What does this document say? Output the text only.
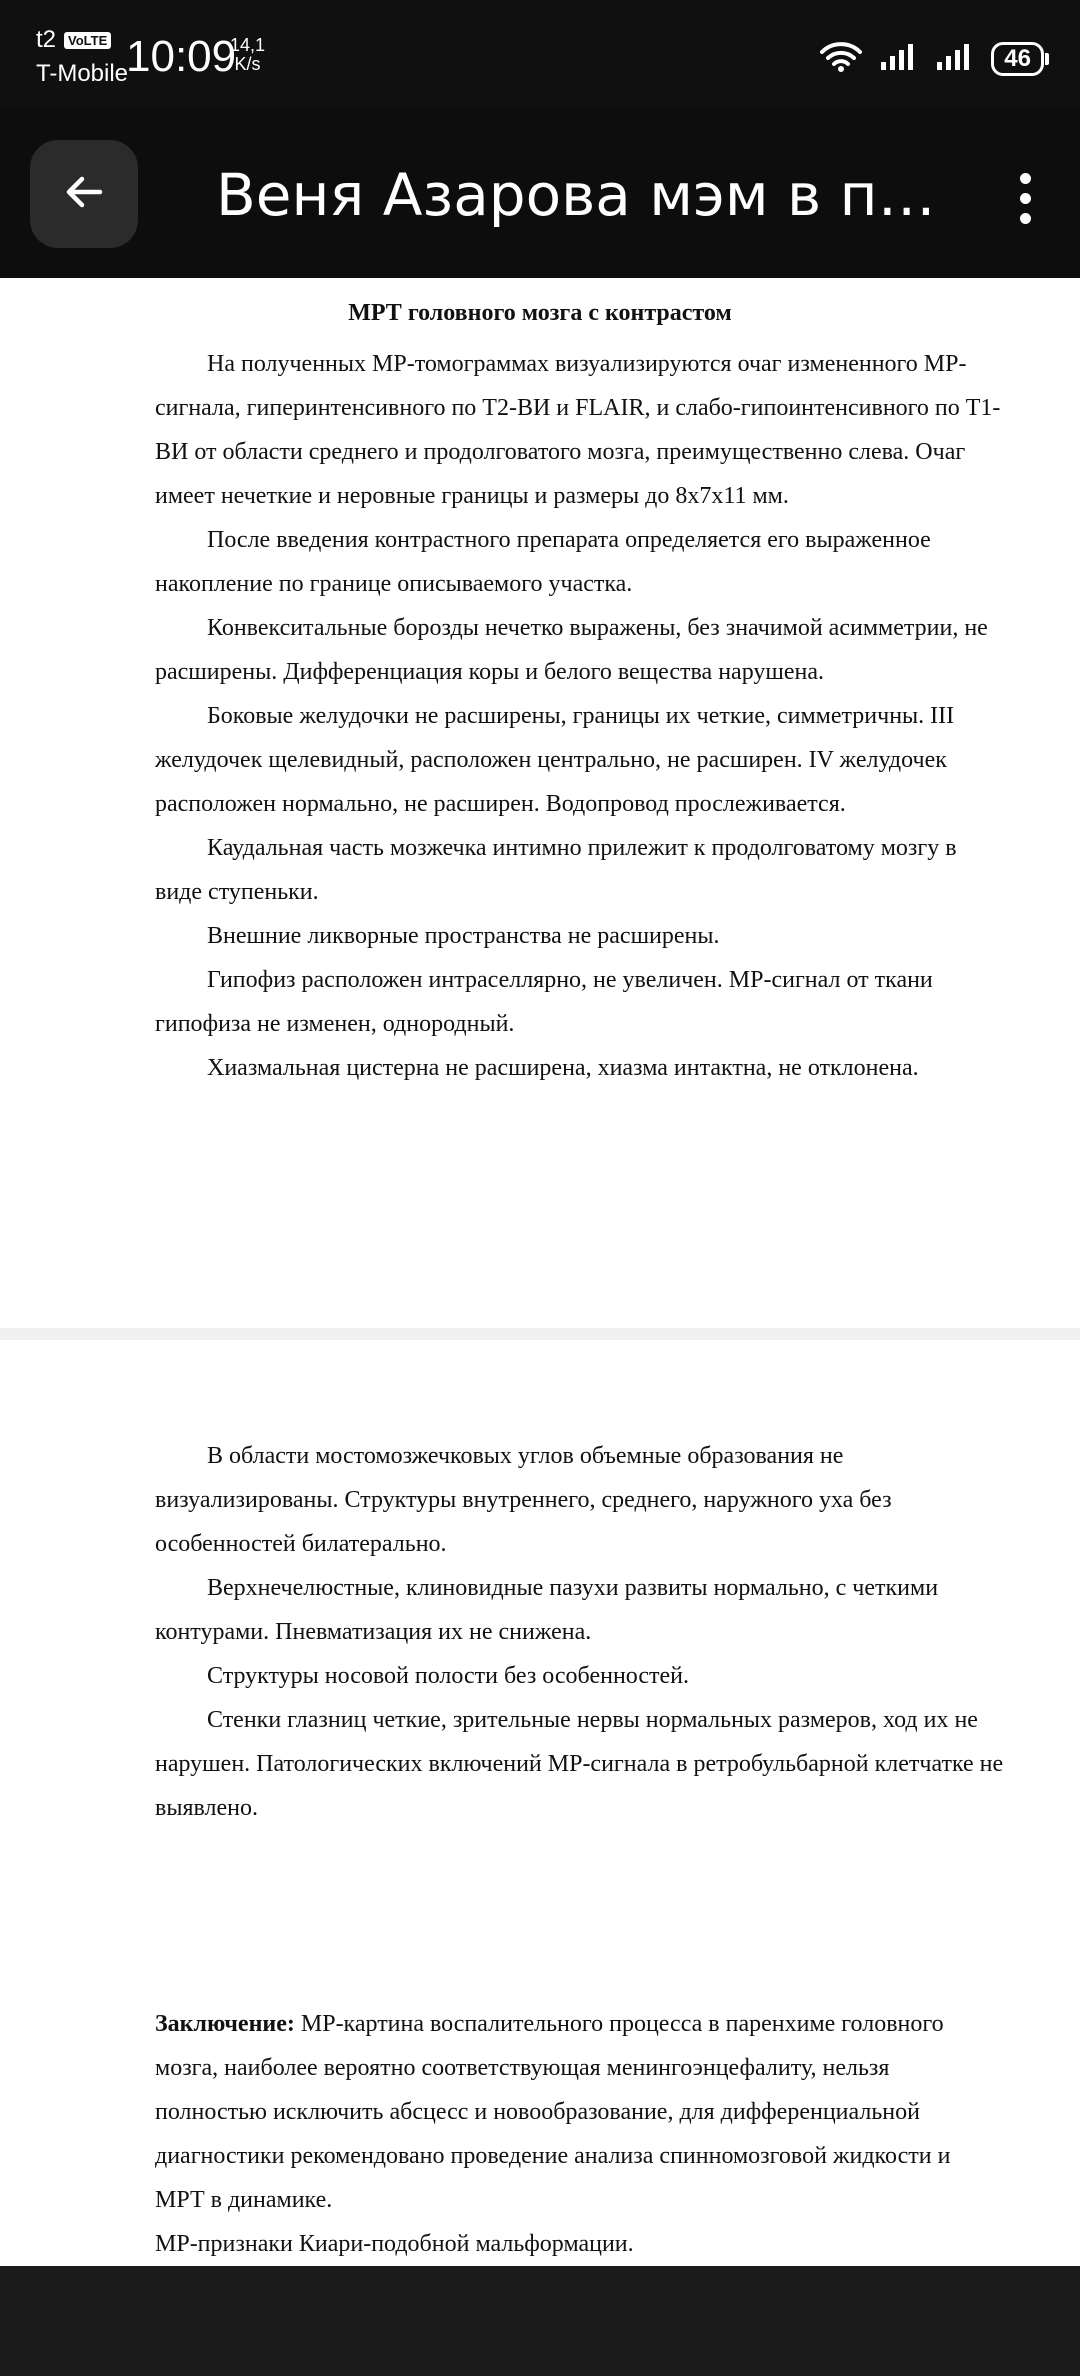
t2 VoLTE
T-Mobile
10:09
14,1
K/s	46
Веня Азарова мэм в п…
МРТ головного мозга с контрастом

На полученных МР-томограммах визуализируются очаг измененного МР-сигнала, гиперинтенсивного по Т2-ВИ и FLAIR, и слабо-гипоинтенсивного по Т1-ВИ от области среднего и продолговатого мозга, преимущественно слева. Очаг имеет нечеткие и неровные границы и размеры до 8х7х11 мм.

После введения контрастного препарата определяется его выраженное накопление по границе описываемого участка.

Конвекситальные борозды нечетко выражены, без значимой асимметрии, не расширены. Дифференциация коры и белого вещества нарушена.

Боковые желудочки не расширены, границы их четкие, симметричны. III желудочек щелевидный, расположен центрально, не расширен. IV желудочек расположен нормально, не расширен. Водопровод прослеживается.

Каудальная часть мозжечка интимно прилежит к продолговатому мозгу в виде ступеньки.

Внешние ликворные пространства не расширены.

Гипофиз расположен интраселлярно, не увеличен. МР-сигнал от ткани гипофиза не изменен, однородный.

Хиазмальная цистерна не расширена, хиазма интактна, не отклонена.

В области мостомозжечковых углов объемные образования не визуализированы. Структуры внутреннего, среднего, наружного уха без особенностей билатерально.

Верхнечелюстные, клиновидные пазухи развиты нормально, с четкими контурами. Пневматизация их не снижена.

Структуры носовой полости без особенностей.

Стенки глазниц четкие, зрительные нервы нормальных размеров, ход их не нарушен. Патологических включений МР-сигнала в ретробульбарной клетчатке не выявлено.

Заключение: МР-картина воспалительного процесса в паренхиме головного мозга, наиболее вероятно соответствующая менингоэнцефалиту, нельзя полностью исключить абсцесс и новообразование, для дифференциальной диагностики рекомендовано проведение анализа спинномозговой жидкости и МРТ в динамике.

МР-признаки Киари-подобной мальформации.
